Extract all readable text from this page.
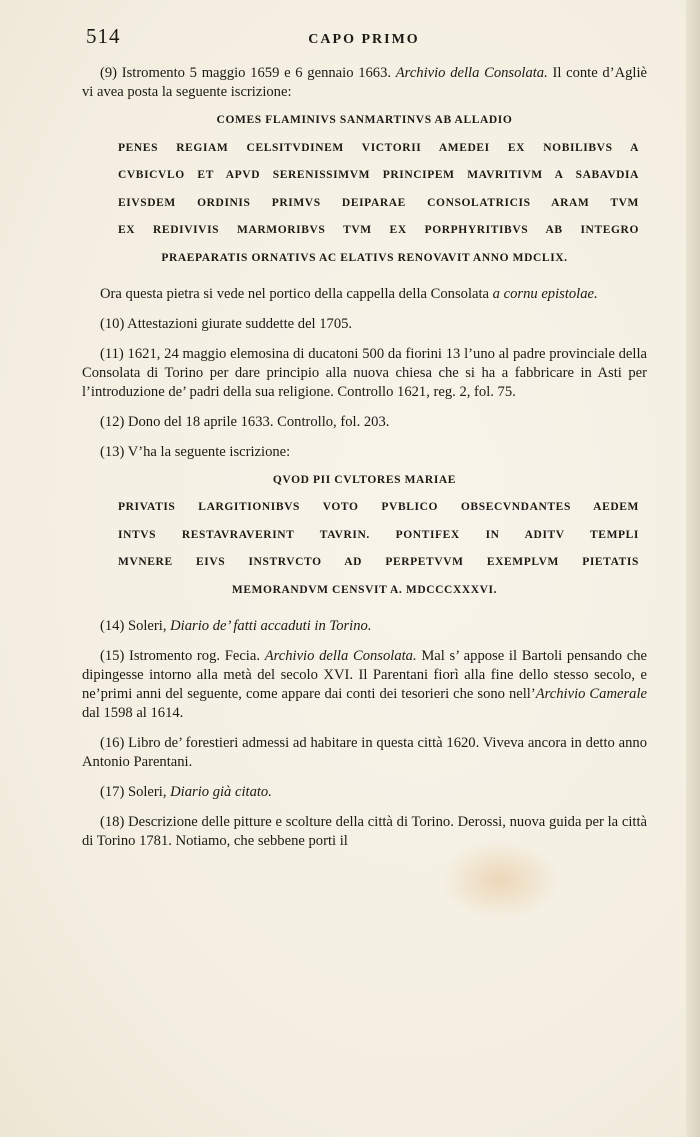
514	CAPO PRIMO

(9) Istromento 5 maggio 1659 e 6 gennaio 1663. Archivio della Consolata. Il conte d’Agliè vi avea posta la seguente iscrizione:

COMES FLAMINIVS SANMARTINVS AB ALLADIO
PENES REGIAM CELSITVDINEM VICTORII AMEDEI EX NOBILIBVS A
CVBICVLO ET APVD SERENISSIMVM PRINCIPEM MAVRITIVM A SABAVDIA
EIVSDEM ORDINIS PRIMVS DEIPARAE CONSOLATRICIS ARAM TVM
EX REDIVIVIS MARMORIBVS TVM EX PORPHYRITIBVS AB INTEGRO
PRAEPARATIS ORNATIVS AC ELATIVS RENOVAVIT ANNO MDCLIX.

Ora questa pietra si vede nel portico della cappella della Consolata a cornu epistolae.

(10) Attestazioni giurate suddette del 1705.

(11) 1621, 24 maggio elemosina di ducatoni 500 da fiorini 13 l’uno al padre provinciale della Consolata di Torino per dare principio alla nuova chiesa che si ha a fabbricare in Asti per l’introduzione de’ padri della sua religione. Controllo 1621, reg. 2, fol. 75.

(12) Dono del 18 aprile 1633. Controllo, fol. 203.

(13) V’ha la seguente iscrizione:

QVOD PII CVLTORES MARIAE
PRIVATIS LARGITIONIBVS VOTO PVBLICO OBSECVNDANTES AEDEM
INTVS RESTAVRAVERINT TAVRIN. PONTIFEX IN ADITV TEMPLI
MVNERE EIVS INSTRVCTO AD PERPETVVM EXEMPLVM PIETATIS
MEMORANDVM CENSVIT A. MDCCCXXXVI.

(14) Soleri, Diario de’ fatti accaduti in Torino.

(15) Istromento rog. Fecia. Archivio della Consolata. Mal s’ appose il Bartoli pensando che dipingesse intorno alla metà del secolo XVI. Il Parentani fiorì alla fine dello stesso secolo, e ne’primi anni del seguente, come appare dai conti dei tesorieri che sono nell’Archivio Camerale dal 1598 al 1614.

(16) Libro de’ forestieri admessi ad habitare in questa città 1620. Viveva ancora in detto anno Antonio Parentani.

(17) Soleri, Diario già citato.

(18) Descrizione delle pitture e scolture della città di Torino. Derossi, nuova guida per la città di Torino 1781. Notiamo, che sebbene porti il
